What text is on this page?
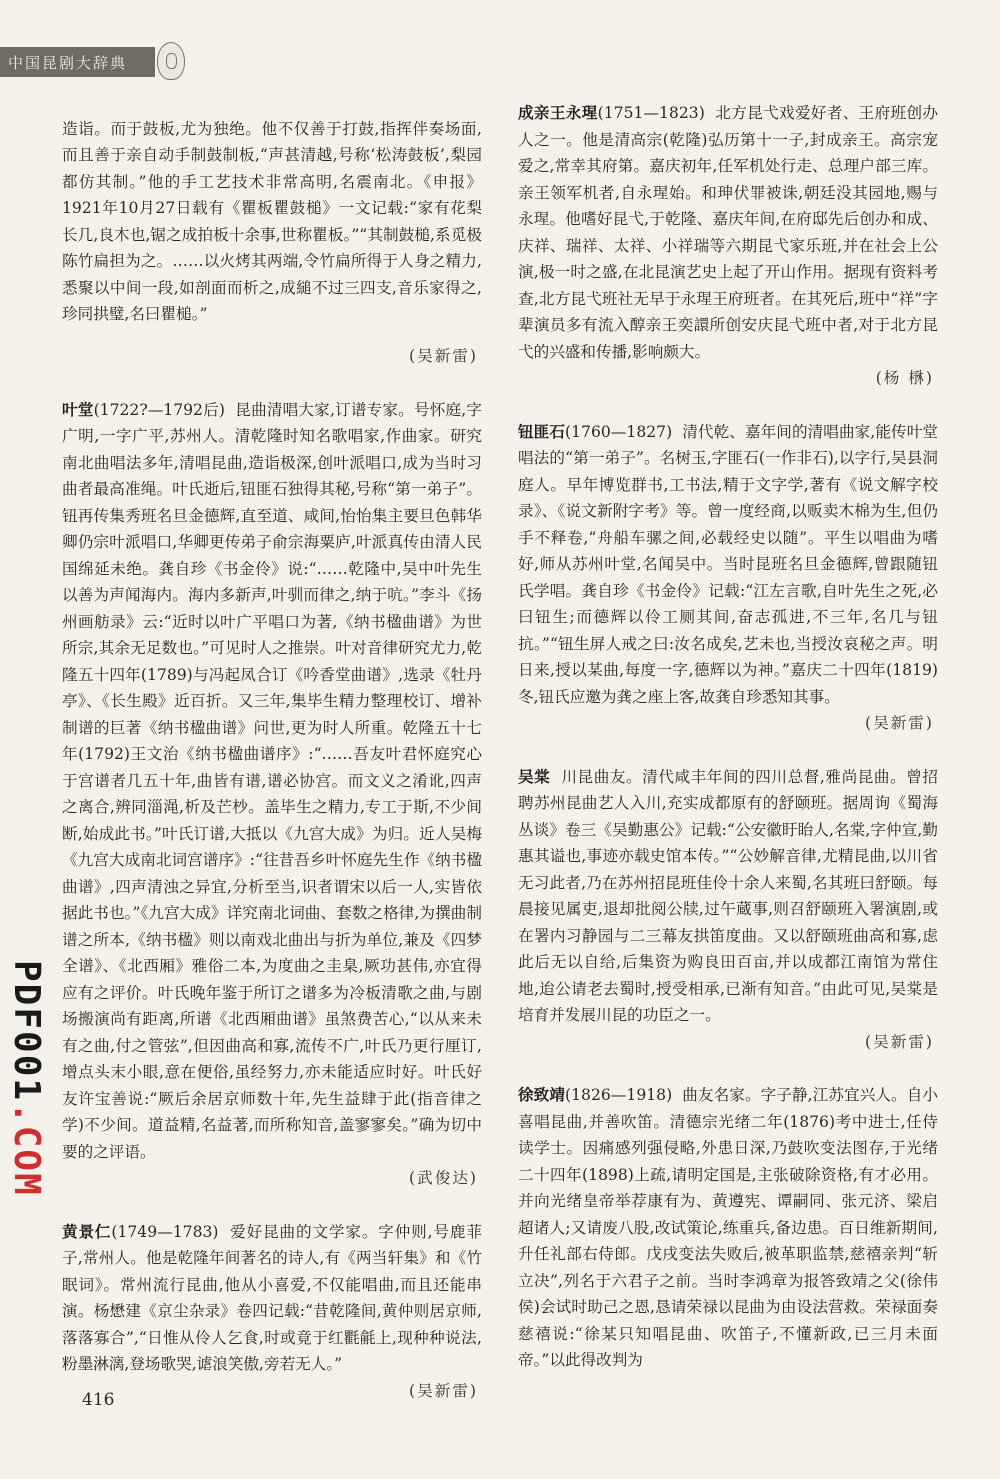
中国昆剧大辞典

造诣。而于鼓板,尤为独绝。他不仅善于打鼓,指挥伴奏场面,而且善于亲自动手制鼓制板,“声甚清越,号称‘松涛鼓板’,梨园都仿其制。”他的手工艺技术非常高明,名震南北。《申报》1921年10月27日载有《瞿板瞿鼓槌》一文记载:“家有花梨长几,良木也,锯之成拍板十余事,世称瞿板。”“其制鼓槌,系觅极陈竹扁担为之。……以火烤其两端,令竹扁所得于人身之精力,悉聚以中间一段,如剖面而析之,成縋不过三四支,音乐家得之,珍同拱璧,名曰瞿槌。”

(吴新雷)

叶堂(1722?—1792后) 昆曲清唱大家,订谱专家。号怀庭,字广明,一字广平,苏州人。清乾隆时知名歌唱家,作曲家。研究南北曲唱法多年,清唱昆曲,造诣极深,创叶派唱口,成为当时习曲者最高准绳。叶氏逝后,钮匪石独得其秘,号称“第一弟子”。钮再传集秀班名旦金德辉,直至道、咸间,怡怡集主要旦色韩华卿仍宗叶派唱口,华卿更传弟子俞宗海粟庐,叶派真传由清人民国绵延未绝。龚自珍《书金伶》说:“……乾隆中,吴中叶先生以善为声闻海内。海内多新声,叶驯而律之,纳于吭。”李斗《扬州画舫录》云:“近时以叶广平唱口为著,《纳书楹曲谱》为世所宗,其余无足数也。”可见时人之推崇。叶对音律研究尤力,乾隆五十四年(1789)与冯起凤合订《吟香堂曲谱》,选录《牡丹亭》、《长生殿》近百折。又三年,集毕生精力整理校订、增补制谱的巨著《纳书楹曲谱》问世,更为时人所重。乾隆五十七年(1792)王文治《纳书楹曲谱序》:“……吾友叶君怀庭究心于宫谱者几五十年,曲皆有谱,谱必协宫。而文义之淆讹,四声之离合,辨同淄渑,析及芒杪。盖毕生之精力,专工于斯,不少间断,始成此书。”叶氏订谱,大抵以《九宫大成》为归。近人吴梅《九宫大成南北词宫谱序》:“往昔吾乡叶怀庭先生作《纳书楹曲谱》,四声清浊之异宜,分析至当,识者谓宋以后一人,实皆依据此书也。”《九宫大成》详究南北词曲、套数之格律,为撰曲制谱之所本,《纳书楹》则以南戏北曲出与折为单位,兼及《四梦全谱》、《北西厢》雅俗二本,为度曲之圭臬,厥功甚伟,亦宜得应有之评价。叶氏晚年鉴于所订之谱多为冷板清歌之曲,与剧场搬演尚有距离,所谱《北西厢曲谱》虽煞费苦心,“以从来未有之曲,付之管弦”,但因曲高和寡,流传不广,叶氏乃更行厘订,增点头末小眼,意在便俗,虽经努力,亦未能适应时好。叶氏好友许宝善说:“厥后余居京师数十年,先生益肆于此(指音律之学)不少间。道益精,名益著,而所称知音,盖寥寥矣。”确为切中要的之评语。

(武俊达)

黄景仁(1749—1783) 爱好昆曲的文学家。字仲则,号鹿菲子,常州人。他是乾隆年间著名的诗人,有《两当轩集》和《竹眠词》。常州流行昆曲,他从小喜爱,不仅能唱曲,而且还能串演。杨懋建《京尘杂录》卷四记载:“昔乾隆间,黄仲则居京师,落落寡合”,“日惟从伶人乞食,时或竟于红氍毹上,现种种说法,粉墨淋漓,登场歌哭,谑浪笑傲,旁若无人。”

(吴新雷)

成亲王永瑆(1751—1823) 北方昆弋戏爱好者、王府班创办人之一。他是清高宗(乾隆)弘历第十一子,封成亲王。高宗宠爱之,常幸其府第。嘉庆初年,任军机处行走、总理户部三库。亲王领军机者,自永瑆始。和珅伏罪被诛,朝廷没其园地,赐与永瑆。他嗜好昆弋,于乾隆、嘉庆年间,在府邸先后创办和成、庆祥、瑞祥、太祥、小祥瑞等六期昆弋家乐班,并在社会上公演,极一时之盛,在北昆演艺史上起了开山作用。据现有资料考查,北方昆弋班社无早于永瑆王府班者。在其死后,班中“祥”字辈演员多有流入醇亲王奕譞所创安庆昆弋班中者,对于北方昆弋的兴盛和传播,影响颇大。

(杨 㮊)

钮匪石(1760—1827) 清代乾、嘉年间的清唱曲家,能传叶堂唱法的“第一弟子”。名树玉,字匪石(一作非石),以字行,吴县洞庭人。早年博览群书,工书法,精于文字学,著有《说文解字校录》、《说文新附字考》等。曾一度经商,以贩卖木棉为生,但仍手不释卷,“舟船车骡之间,必载经史以随”。平生以唱曲为嗜好,师从苏州叶堂,名闻吴中。当时昆班名旦金德辉,曾跟随钮氏学唱。龚自珍《书金伶》记载:“江左言歌,自叶先生之死,必曰钮生;而德辉以伶工厕其间,奋志孤进,不三年,名几与钮抗。”“钮生屏人戒之曰:汝名成矣,艺未也,当授汝哀秘之声。明日来,授以某曲,每度一字,德辉以为神。”嘉庆二十四年(1819)冬,钮氏应邀为龚之座上客,故龚自珍悉知其事。

(吴新雷)

吴棠 川昆曲友。清代咸丰年间的四川总督,雅尚昆曲。曾招聘苏州昆曲艺人入川,充实成都原有的舒颐班。据周询《蜀海丛谈》卷三《吴勤惠公》记载:“公安徽盱眙人,名棠,字仲宣,勤惠其谥也,事迹亦载史馆本传。”“公妙解音律,尤精昆曲,以川省无习此者,乃在苏州招昆班佳伶十余人来蜀,名其班曰舒颐。每晨接见属吏,退却批阅公牍,过午蔵事,则召舒颐班入署演剧,或在署内习静园与二三幕友拱笛度曲。又以舒颐班曲高和寡,虑此后无以自给,后集资为购良田百亩,并以成都江南馆为常住地,迨公请老去蜀时,授受相承,已渐有知音。”由此可见,吴棠是培育并发展川昆的功臣之一。

(吴新雷)

徐致靖(1826—1918) 曲友名家。字子静,江苏宜兴人。自小喜唱昆曲,并善吹笛。清德宗光绪二年(1876)考中进士,任侍读学士。因痛感列强侵略,外患日深,乃鼓吹变法图存,于光绪二十四年(1898)上疏,请明定国是,主张破除资格,有才必用。并向光绪皇帝举荐康有为、黄遵宪、谭嗣同、张元济、梁启超诸人;又请废八股,改试策论,练重兵,备边患。百日维新期间,升任礼部右侍郎。戊戌变法失败后,被革职监禁,慈禧亲判“斩立决”,列名于六君子之前。当时李鸿章为报答致靖之父(徐伟侯)会试时助己之恩,恳请荣禄以昆曲为由设法营救。荣禄面奏慈禧说:“徐某只知唱昆曲、吹笛子,不懂新政,已三月未面帝。”以此得改判为

416
PDF001.COM
